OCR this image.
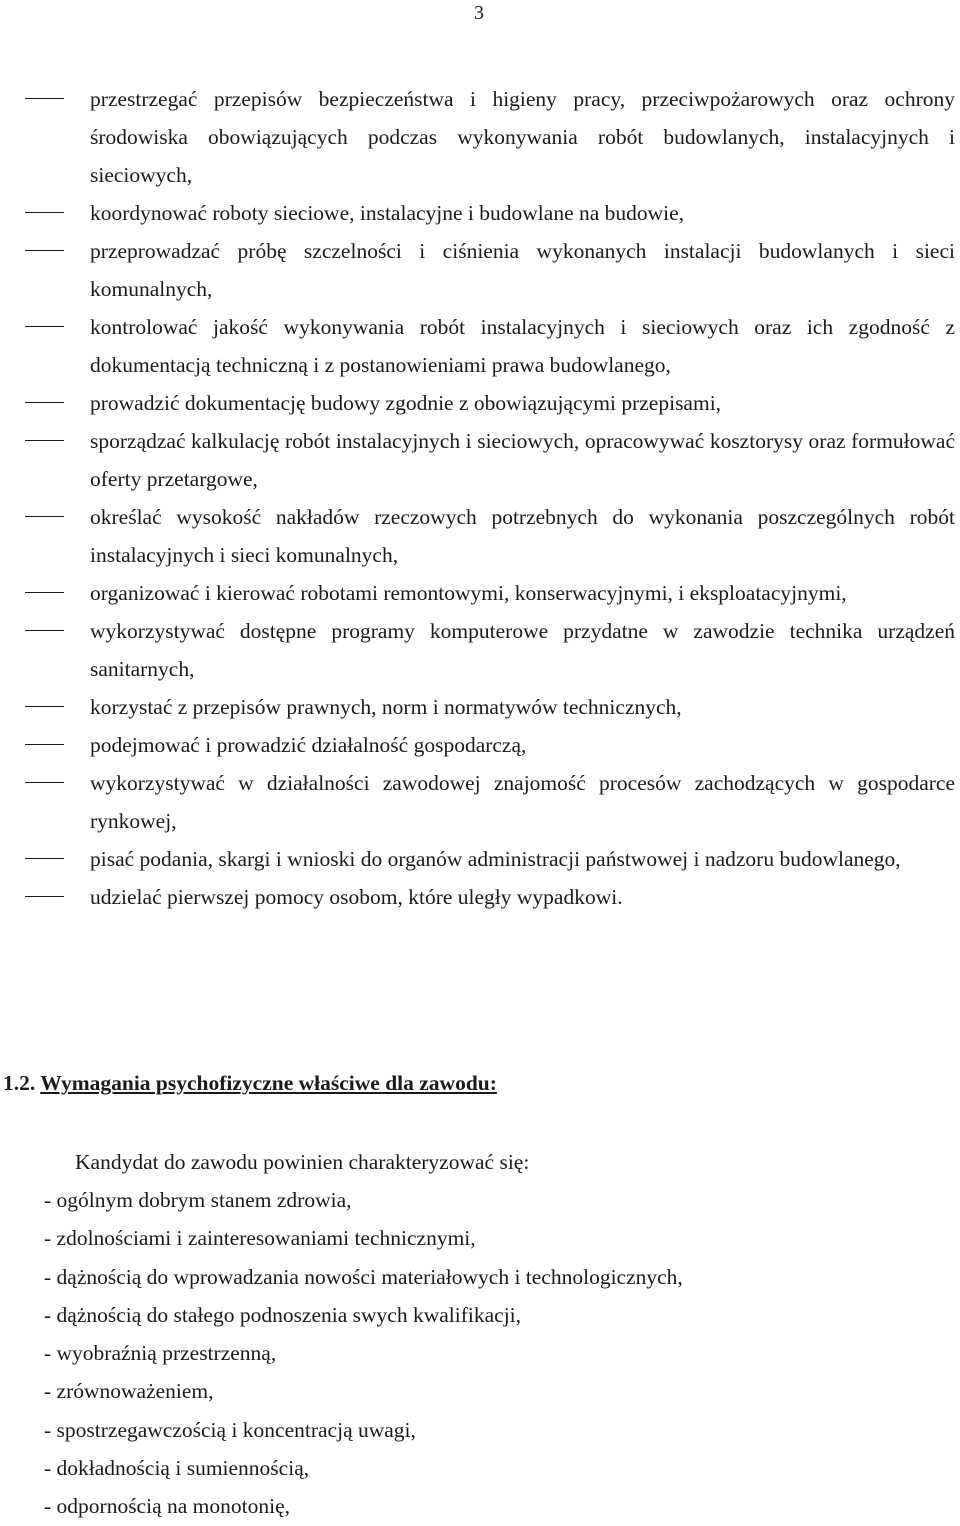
3
przestrzegać przepisów bezpieczeństwa i higieny pracy, przeciwpożarowych oraz ochrony środowiska obowiązujących podczas wykonywania robót budowlanych, instalacyjnych i sieciowych,
koordynować roboty sieciowe, instalacyjne i budowlane na budowie,
przeprowadzać próbę szczelności i ciśnienia wykonanych instalacji budowlanych i sieci komunalnych,
kontrolować jakość wykonywania robót instalacyjnych i sieciowych oraz ich zgodność z dokumentacją techniczną i z postanowieniami prawa budowlanego,
prowadzić dokumentację budowy zgodnie z obowiązującymi przepisami,
sporządzać kalkulację robót instalacyjnych i sieciowych, opracowywać kosztorysy oraz formułować oferty przetargowe,
określać wysokość nakładów rzeczowych potrzebnych do wykonania poszczególnych robót instalacyjnych i sieci komunalnych,
organizować i kierować robotami remontowymi, konserwacyjnymi, i eksploatacyjnymi,
wykorzystywać dostępne programy komputerowe przydatne w zawodzie technika urządzeń sanitarnych,
korzystać z przepisów prawnych, norm i normatywów technicznych,
podejmować i prowadzić działalność gospodarczą,
wykorzystywać w działalności zawodowej znajomość procesów zachodzących w gospodarce rynkowej,
pisać podania, skargi i wnioski do organów administracji państwowej i nadzoru budowlanego,
udzielać pierwszej pomocy osobom, które uległy wypadkowi.
1.2. Wymagania psychofizyczne właściwe dla zawodu:

Kandydat do zawodu powinien charakteryzować się:

- ogólnym dobrym stanem zdrowia,
- zdolnościami i zainteresowaniami technicznymi,
- dążnością do wprowadzania nowości materiałowych i technologicznych,
- dążnością do stałego podnoszenia swych kwalifikacji,
- wyobraźnią przestrzenną,
- zrównoważeniem,
- spostrzegawczością i koncentracją uwagi,
- dokładnością i sumiennością,
- odpornością na monotonię,
